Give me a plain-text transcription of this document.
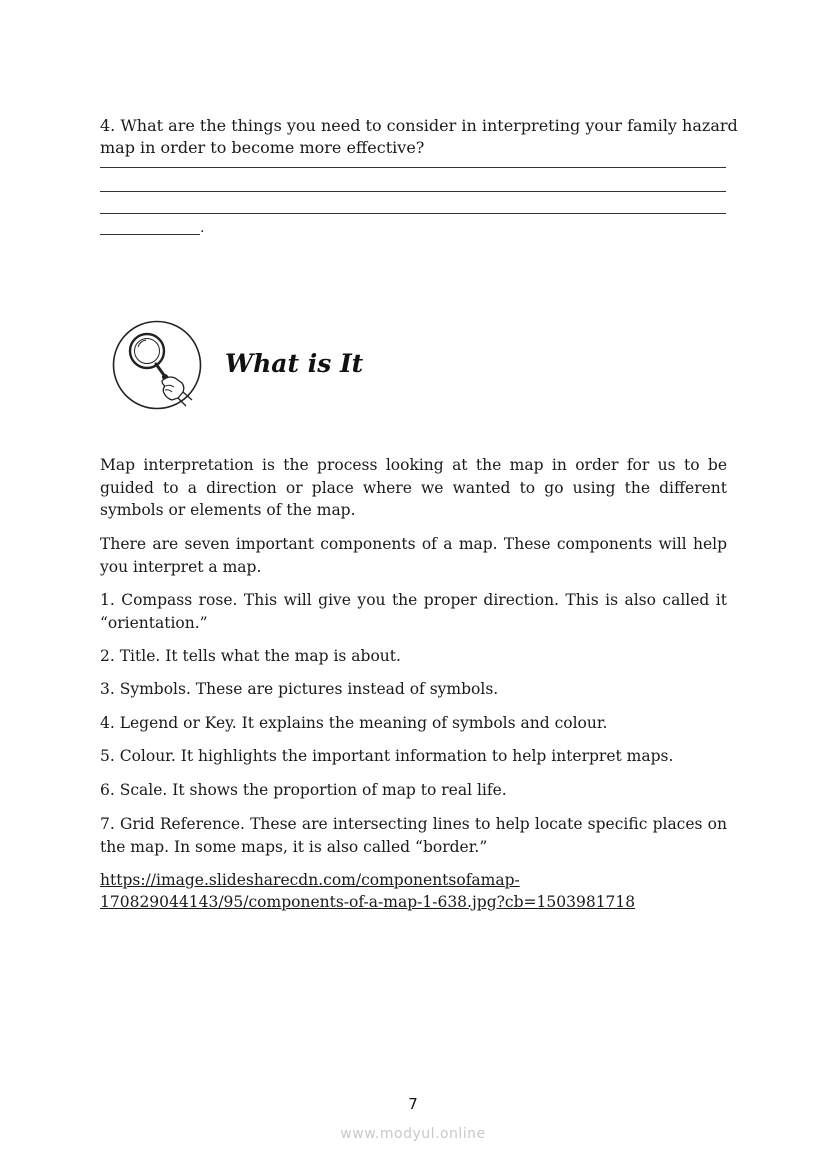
4. What are the things you need to consider in interpreting your family hazard map in order to become more effective?

.
What is It

Map interpretation is the process looking at the map in order for us to be guided to a direction or place where we wanted to go using the different symbols or elements of the map.

There are seven important components of a map. These components will help you interpret a map.

1. Compass rose. This will give you the proper direction. This is also called it “orientation.”

2. Title. It tells what the map is about.

3. Symbols. These are pictures instead of symbols.

4. Legend or Key. It explains the meaning of symbols and colour.

5. Colour. It highlights the important information to help interpret maps.

6. Scale. It shows the proportion of map to real life.

7. Grid Reference. These are intersecting lines to help locate specific places on the map. In some maps, it is also called “border.”

https://image.slidesharecdn.com/componentsofamap-
170829044143/95/components-of-a-map-1-638.jpg?cb=1503981718
7
www.modyul.online
